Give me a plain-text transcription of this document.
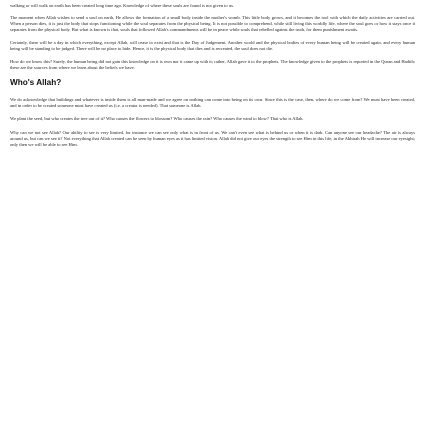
walking or will walk on earth has been created long time ago. Knowledge of where these souls are found is not given to us.

The moment when Allah wishes to send a soul on earth, He allows the formation of a small body inside the mother's womb. This little body grows, and it becomes the tool with which the daily activities are carried out. When a person dies, it is just the body that stops functioning while the soul separates from the physical being. It is not possible to comprehend, while still living this worldly life, where the soul goes or how it stays once it separates from the physical body. But what is known is that, souls that followed Allah's commandments will be in peace while souls that rebelled against the truth, for them punishment awaits.

Certainly, there will be a day in which everything, except Allah, will cease to exist and that is the Day of Judgement. Another world and the physical bodies of every human being will be created again, and every human being will be standing to be judged. There will be no place to hide. Hence, it is the physical body that dies and is recreated, the soul does not die.

How do we know this? Surely, the human being did not gain this knowledge on it is own nor it came up with it; rather, Allah gave it to the prophets. The knowledge given to the prophets is reported in the Quran and Hadith; these are the sources from where we learn about the beliefs we have.

Who's Allah?

We do acknowledge that buildings and whatever is inside them is all man-made and we agree on nothing can come into being on its own. Since this is the case, then, where do we come from? We must have been created, and in order to be created someone must have created us (i.e. a creator is needed). That someone is Allah.

We plant the seed, but who creates the tree out of it? Who causes the flowers to blossom? Who causes the rain? Who causes the wind to blow? That who is Allah.

Why can we not see Allah? Our ability to see is very limited, for instance we can see only what is in front of us. We can't even see what is behind us or when it is dark. Can anyone see our headache? The air is always around us, but can we see it? Not everything that Allah created can be seen by human eyes as it has limited vision. Allah did not give our eyes the strength to see Him in this life, in the Akhirah He will increase our eyesight; only then we will be able to see Him.
